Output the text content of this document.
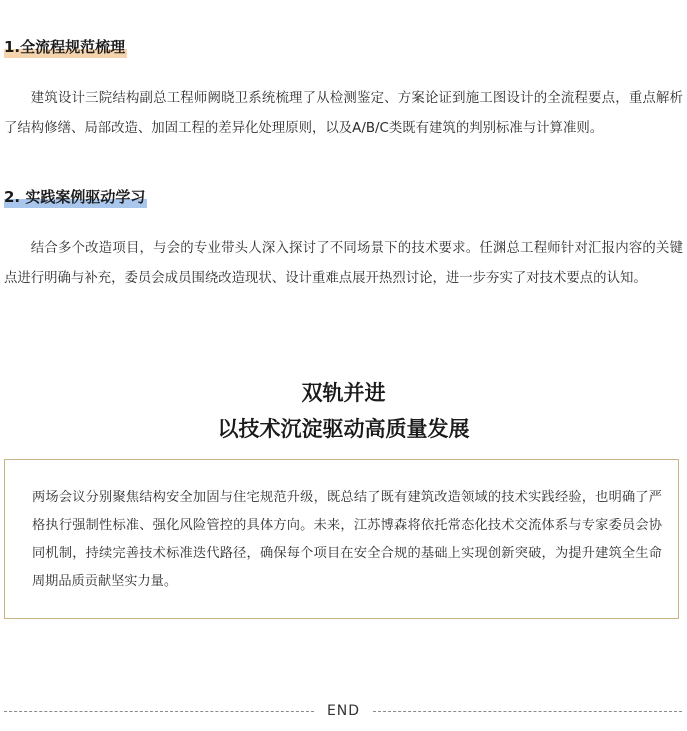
1.全流程规范梳理

建筑设计三院结构副总工程师阙晓卫系统梳理了从检测鉴定、方案论证到施工图设计的全流程要点，重点解析了结构修缮、局部改造、加固工程的差异化处理原则，以及A/B/C类既有建筑的判别标准与计算准则。

2. 实践案例驱动学习

结合多个改造项目，与会的专业带头人深入探讨了不同场景下的技术要求。任渊总工程师针对汇报内容的关键点进行明确与补充，委员会成员围绕改造现状、设计重难点展开热烈讨论，进一步夯实了对技术要点的认知。

双轨并进
以技术沉淀驱动高质量发展

两场会议分别聚焦结构安全加固与住宅规范升级，既总结了既有建筑改造领域的技术实践经验，也明确了严格执行强制性标准、强化风险管控的具体方向。未来，江苏博森将依托常态化技术交流体系与专家委员会协同机制，持续完善技术标准迭代路径，确保每个项目在安全合规的基础上实现创新突破，为提升建筑全生命周期品质贡献坚实力量。

END
